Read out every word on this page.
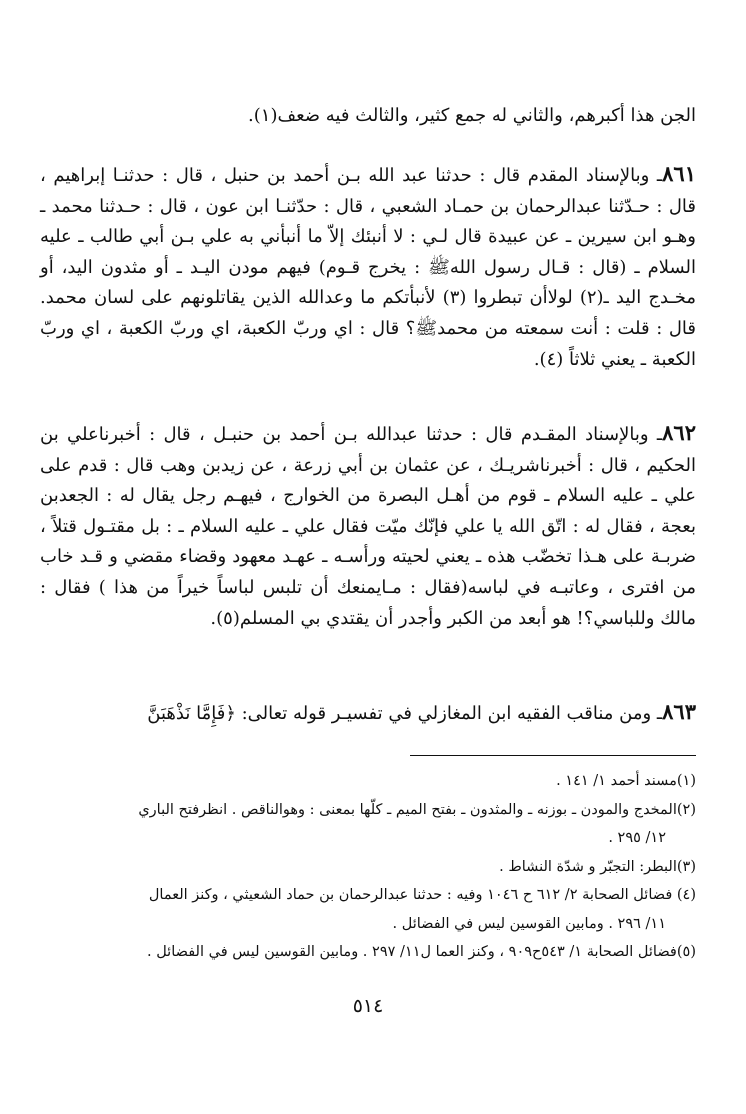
الجن هذا أكبرهم، والثاني له جمع كثير، والثالث فيه ضعف(١).

٨٦١ـ وبالإسناد المقدم قال : حدثنا عبد الله بـن أحمد بن حنبل ، قال : حدثنـا إبراهيم ، قال : حـدّثنا عبدالرحمان بن حمـاد الشعبي ، قال : حدّثنـا ابن عون ، قال : حـدثنا محمد ـ وهـو ابن سيرين ـ عن عبيدة قال لـي : لا أنبئك إلاّ ما أنبأني به علي بـن أبي طالب ـ عليه السلام ـ (قال : قـال رسول اللهﷺ : يخرج قـوم) فيهم مودن اليـد ـ أو مثدون اليد، أو مخـدج اليد ـ(٢) لولاأن تبطروا (٣) لأنبأتكم ما وعدالله الذين يقاتلونهم على لسان محمد. قال : قلت : أنت سمعته من محمدﷺ؟ قال : اي وربّ الكعبة، اي وربّ الكعبة ، اي وربّ الكعبة ـ يعني ثلاثاً (٤).

٨٦٢ـ وبالإسناد المقـدم قال : حدثنا عبدالله بـن أحمد بن حنبـل ، قال : أخبرناعلي بن الحكيم ، قال : أخبرناشريـك ، عن عثمان بن أبي زرعة ، عن زيدبن وهب قال : قدم على علي ـ عليه السلام ـ قوم من أهـل البصرة من الخوارج ، فيهـم رجل يقال له : الجعدبن بعجة ، فقال له : اتّق الله يا علي فإنّك ميّت فقال علي ـ عليه السلام ـ : بل مقتـول قتلاً ، ضربـة على هـذا تخضّب هذه ـ يعني لحيته ورأسـه ـ عهـد معهود وقضاء مقضي و قـد خاب من افترى ، وعاتبـه في لباسه(فقال : مـايمنعك أن تلبس لباساً خيراً من هذا ) فقال : مالك وللباسي؟! هو أبعد من الكبر وأجدر أن يقتدي بي المسلم(٥).

٨٦٣ـ ومن مناقب الفقيه ابن المغازلي في تفسيـر قوله تعالى: ﴿فَإِمَّا نَذْهَبَنَّ

(١)مسند أحمد ١/ ١٤١ .
(٢)المخدج والمودن ـ بوزنه ـ والمثدون ـ بفتح الميم ـ كلّها بمعنى : وهوالناقص . انظرفتح الباري
١٢/ ٢٩٥ .
(٣)البطر: التجبّر و شدّة النشاط .
(٤) فضائل الصحابة ٢/ ٦١٢ ح ١٠٤٦ وفيه : حدثنا عبدالرحمان بن حماد الشعيثي ، وكنز العمال
١١/ ٢٩٦ . ومابين القوسين ليس في الفضائل .
(٥)فضائل الصحابة ١/ ٥٤٣ح٩٠٩ ، وكنز العما ل١١/ ٢٩٧ . ومابين القوسين ليس في الفضائل .
٥١٤
